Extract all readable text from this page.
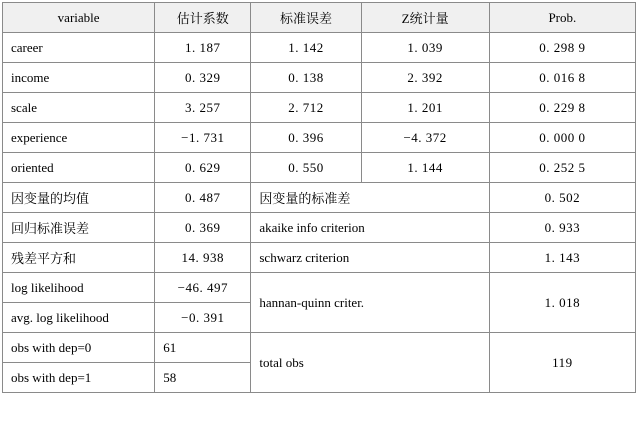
variable	估计系数	标准误差	Z统计量	Prob.
career	1. 187	1. 142	1. 039	0. 298 9
income	0. 329	0. 138	2. 392	0. 016 8
scale	3. 257	2. 712	1. 201	0. 229 8
experience	−1. 731	0. 396	−4. 372	0. 000 0
oriented	0. 629	0. 550	1. 144	0. 252 5
因变量的均值	0. 487	因变量的标准差		0. 502
回归标准误差	0. 369	akaike info criterion		0. 933
残差平方和	14. 938	schwarz criterion		1. 143
log likelihood	−46. 497	hannan-quinn criter.		1. 018
avg. log likelihood	−0. 391			
obs with dep=0	61	total obs		119
obs with dep=1	58			
